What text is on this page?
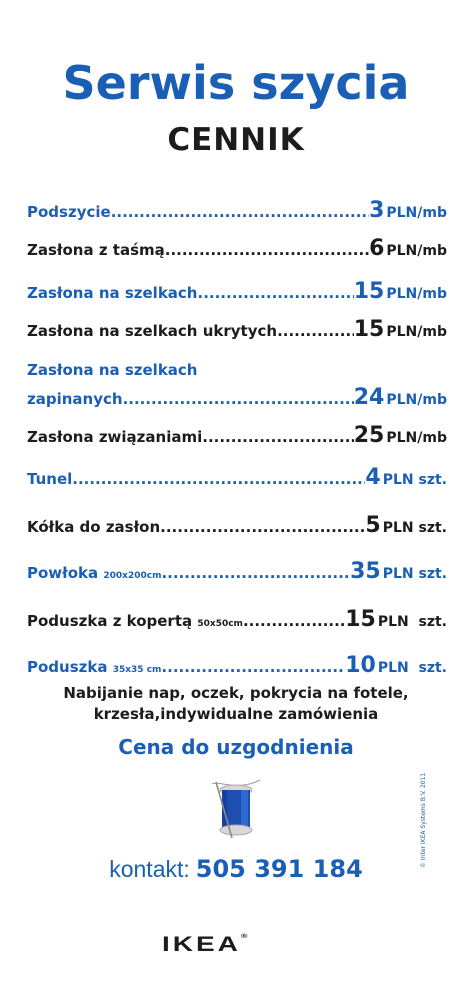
Serwis szycia
CENNIK
Podszycie .....	3 PLN/mb
Zasłona z taśmą .....	6 PLN/mb
Zasłona na szelkach .....	15 PLN/mb
Zasłona na szelkach ukrytych .....	15 PLN/mb
Zasłona na szelkach
zapinanych .....	24 PLN/mb
Zasłona związaniami .....	25 PLN/mb
Tunel .....	4 PLN szt.
Kółka do zasłon .....	5 PLN szt.
Powłoka 200x200cm .....	35 PLN szt.
Poduszka z kopertą 50x50cm .....	15 PLN  szt.
Poduszka 35x35 cm .....	10 PLN  szt.
Nabijanie nap, oczek, pokrycia na fotele,
krzesła,indywidualne zamówienia
Cena do uzgodnienia
kontakt: 505 391 184
IKEA®
© Inter IKEA Systems B.V. 2011
